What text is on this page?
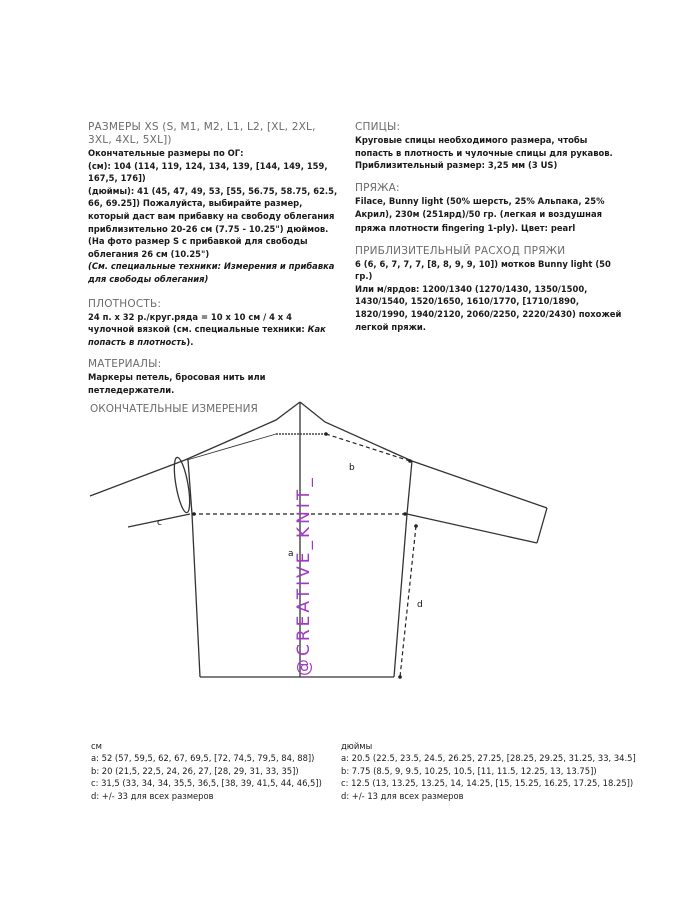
РАЗМЕРЫ XS (S, M1, M2, L1, L2, [XL, 2XL, 3XL, 4XL, 5XL])

Окончательные размеры по ОГ:

(см): 104 (114, 119, 124, 134, 139, [144, 149, 159, 167,5, 176])

(дюймы): 41 (45, 47, 49, 53, [55, 56.75, 58.75, 62.5, 66, 69.25]) Пожалуйста, выбирайте размер, который даст вам прибавку на свободу облегания приблизительно 20-26 см (7.75 - 10.25") дюймов.

(На фото размер S с прибавкой для свободы облегания 26 см (10.25")

(См. специальные техники: Измерения и прибавка для свободы облегания)

ПЛОТНОСТЬ:

24 п. x 32 р./круг.ряда = 10 x 10 см / 4 x 4 чулочной вязкой (см. специальные техники: Как попасть в плотность).

МАТЕРИАЛЫ:

Маркеры петель, бросовая нить или петледержатели.

СПИЦЫ:

Круговые спицы необходимого размера, чтобы попасть в плотность и чулочные спицы для рукавов.

Приблизительный размер: 3,25 мм (3 US)

ПРЯЖА:

Filace, Bunny light (50% шерсть, 25% Альпака, 25% Акрил), 230м (251ярд)/50 гр. (легкая и воздушная пряжа плотности fingering 1-ply). Цвет: pearl

ПРИБЛИЗИТЕЛЬНЫЙ РАСХОД ПРЯЖИ

6 (6, 6, 7, 7, 7, [8, 8, 9, 9, 10]) мотков Bunny light (50 гр.)

Или м/ярдов: 1200/1340 (1270/1430, 1350/1500, 1430/1540, 1520/1650, 1610/1770, [1710/1890, 1820/1990, 1940/2120, 2060/2250, 2220/2430) похожей легкой пряжи.

ОКОНЧАТЕЛЬНЫЕ ИЗМЕРЕНИЯ
a
b
c
d
@CREATIVE_KNIT_
см
a: 52 (57, 59,5, 62, 67, 69,5, [72, 74,5, 79,5, 84, 88])
b: 20 (21,5, 22,5, 24, 26, 27, [28, 29, 31, 33, 35])
c: 31,5 (33, 34, 34, 35,5, 36,5, [38, 39, 41,5, 44, 46,5])
d: +/- 33 для всех размеров
дюймы
a: 20.5 (22.5, 23.5, 24.5, 26.25, 27.25, [28.25, 29.25, 31.25, 33, 34.5]
b: 7.75 (8.5, 9, 9.5, 10.25, 10.5, [11, 11.5, 12.25, 13, 13.75])
c: 12.5 (13, 13.25, 13.25, 14, 14.25, [15, 15.25, 16.25, 17.25, 18.25])
d: +/- 13 для всех размеров
